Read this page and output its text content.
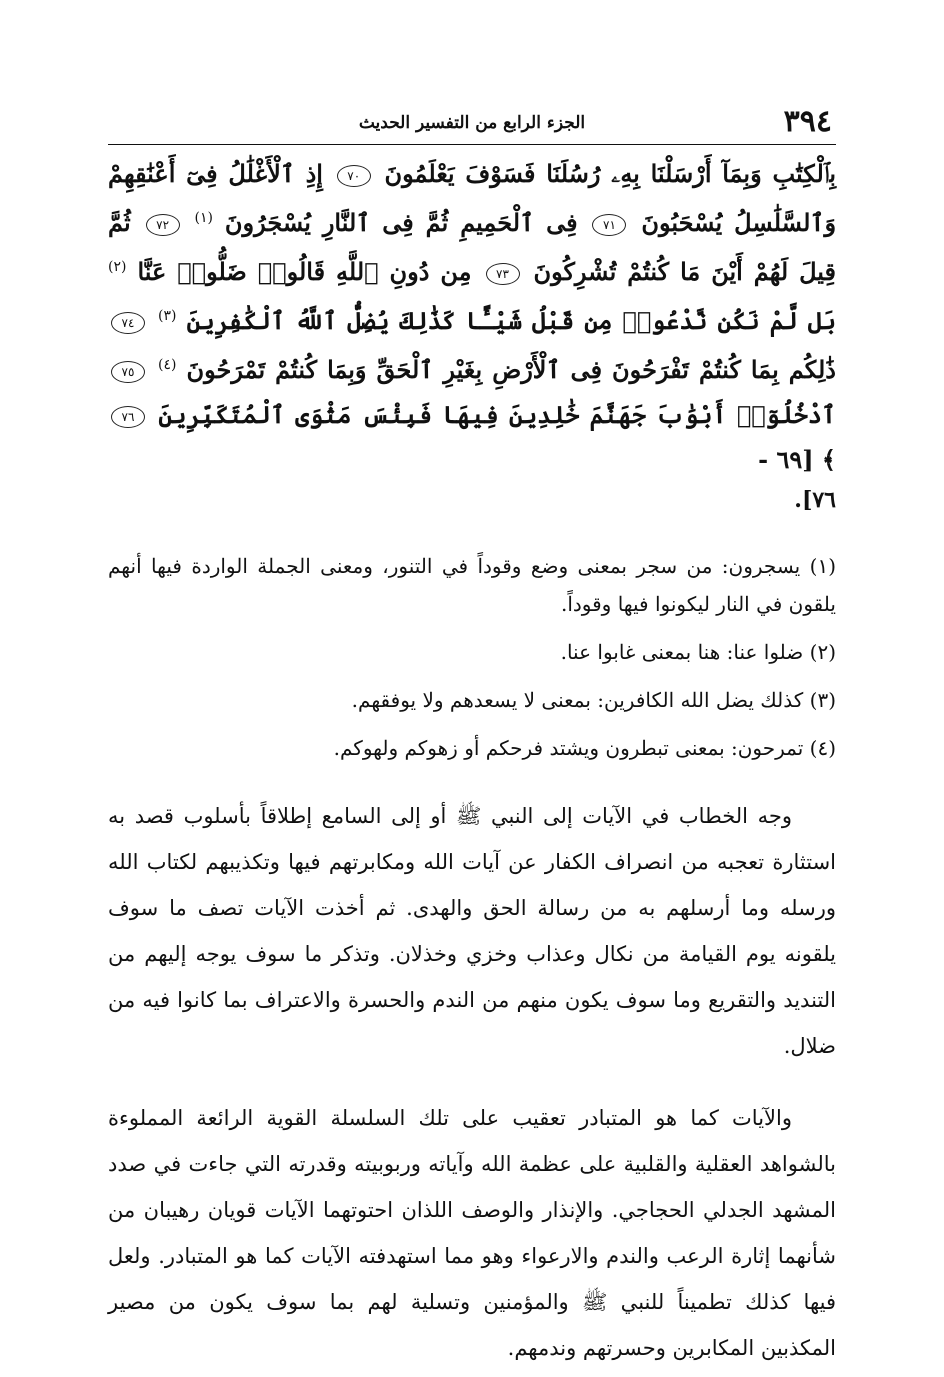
٣٩٤
الجزء الرابع من التفسير الحديث
بِٱلْكِتَٰبِ وَبِمَآ أَرْسَلْنَا بِهِۦ رُسُلَنَا فَسَوْفَ يَعْلَمُونَ ٧٠ إِذِ ٱلْأَغْلَٰلُ فِىٓ أَعْنَٰقِهِمْ وَٱلسَّلَٰسِلُ يُسْحَبُونَ ٧١ فِى ٱلْحَمِيمِ ثُمَّ فِى ٱلنَّارِ يُسْجَرُونَ $^{(١)}$ ٧٢ ثُمَّ قِيلَ لَهُمْ أَيْنَ مَا كُنتُمْ تُشْرِكُونَ ٧٣ مِن دُونِ ٱللَّهِ قَالُوا۟ ضَلُّوا۟ عَنَّا $^{(٢)}$ بَل لَّمْ نَكُن نَّدْعُوا۟ مِن قَبْلُ شَيْـًٔا كَذَٰلِكَ يُضِلُّ ٱللَّهُ ٱلْكَٰفِرِينَ $^{(٣)}$ ٧٤ ذَٰلِكُم بِمَا كُنتُمْ تَفْرَحُونَ فِى ٱلْأَرْضِ بِغَيْرِ ٱلْحَقِّ وَبِمَا كُنتُمْ تَمْرَحُونَ $^{(٤)}$ ٧٥ ٱدْخُلُوٓا۟ أَبْوَٰبَ جَهَنَّمَ خَٰلِدِينَ فِيهَا فَبِئْسَ مَثْوَى ٱلْمُتَكَبِّرِينَ ٧٦ ﴾ [٦٩ -
٧٦].

(١) يسجرون: من سجر بمعنى وضع وقوداً في التنور، ومعنى الجملة الواردة فيها أنهم يلقون في النار ليكونوا فيها وقوداً.

(٢) ضلوا عنا: هنا بمعنى غابوا عنا.

(٣) كذلك يضل الله الكافرين: بمعنى لا يسعدهم ولا يوفقهم.

(٤) تمرحون: بمعنى تبطرون ويشتد فرحكم أو زهوكم ولهوكم.

وجه الخطاب في الآيات إلى النبي ﷺ أو إلى السامع إطلاقاً بأسلوب قصد به استثارة تعجبه من انصراف الكفار عن آيات الله ومكابرتهم فيها وتكذيبهم لكتاب الله ورسله وما أرسلهم به من رسالة الحق والهدى. ثم أخذت الآيات تصف ما سوف يلقونه يوم القيامة من نكال وعذاب وخزي وخذلان. وتذكر ما سوف يوجه إليهم من التنديد والتقريع وما سوف يكون منهم من الندم والحسرة والاعتراف بما كانوا فيه من ضلال.

والآيات كما هو المتبادر تعقيب على تلك السلسلة القوية الرائعة المملوءة بالشواهد العقلية والقلبية على عظمة الله وآياته وربوبيته وقدرته التي جاءت في صدد المشهد الجدلي الحجاجي. والإنذار والوصف اللذان احتوتهما الآيات قويان رهيبان من شأنهما إثارة الرعب والندم والارعواء وهو مما استهدفته الآيات كما هو المتبادر. ولعل فيها كذلك تطميناً للنبي ﷺ والمؤمنين وتسلية لهم بما سوف يكون من مصير المكذبين المكابرين وحسرتهم وندمهم.
